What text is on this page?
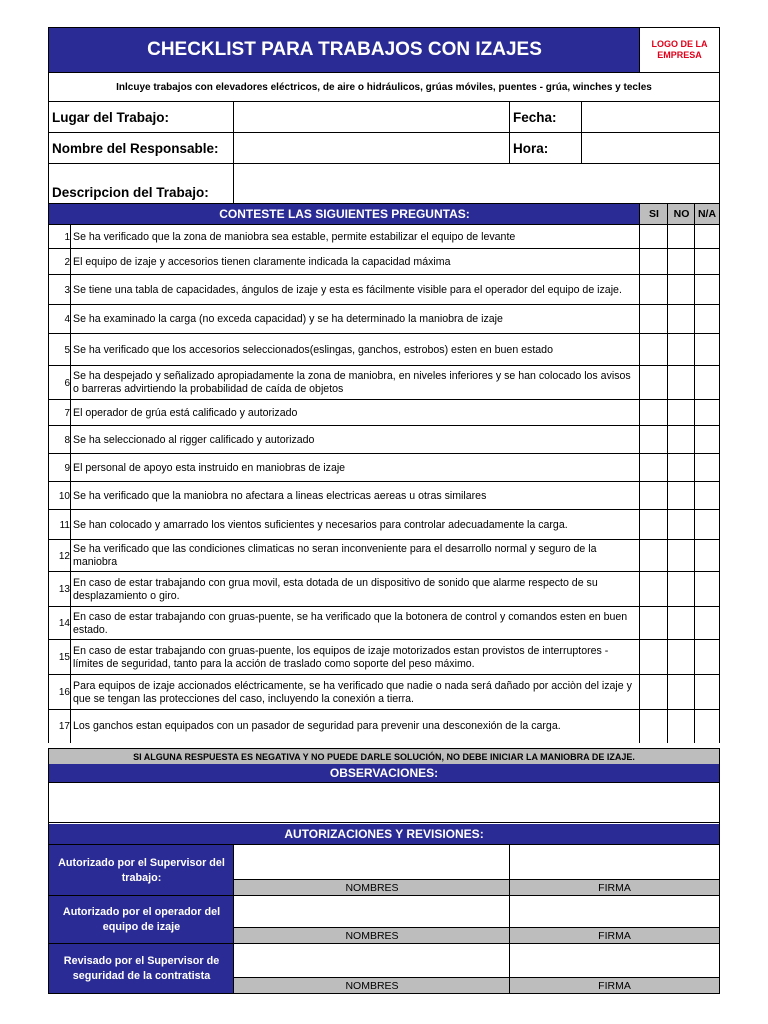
CHECKLIST PARA TRABAJOS CON IZAJES	LOGO DE LA EMPRESA
Inlcuye trabajos con elevadores eléctricos, de aire o hidráulicos, grúas móviles, puentes - grúa, winches y tecles
Lugar del Trabajo:	Fecha:
Nombre del Responsable:	Hora:
Descripcion del Trabajo:
CONTESTE LAS SIGUIENTES PREGUNTAS:	SI	NO N/A
1 Se ha verificado que la zona de maniobra sea estable, permite estabilizar el equipo de levante
2 El equipo de izaje y accesorios tienen claramente indicada la capacidad máxima
3 Se tiene una tabla de capacidades, ángulos de izaje y esta es fácilmente visible para el operador del equipo de izaje.
4 Se ha examinado la carga (no exceda capacidad) y se ha determinado la maniobra de izaje
5 Se ha verificado que los accesorios seleccionados(eslingas, ganchos, estrobos) esten en buen estado
6
Se ha despejado y señalizado apropiadamente la zona de maniobra, en niveles inferiores y se han colocado los avisos o barreras advirtiendo la probabilidad de caída de objetos
7 El operador de grúa está calificado y autorizado
8 Se ha seleccionado al rigger calificado y autorizado
9 El personal de apoyo esta instruido en maniobras de izaje
10 Se ha verificado que la maniobra no afectara a lineas electricas aereas u otras similares
11 Se han colocado y amarrado los vientos suficientes y necesarios para controlar adecuadamente la carga.
12
Se ha verificado que las condiciones climaticas no seran inconveniente para el desarrollo normal y seguro de la maniobra
13
En caso de estar trabajando con grua movil, esta dotada de un dispositivo de sonido que alarme respecto de su desplazamiento o giro.
14
En caso de estar trabajando con gruas-puente, se ha verificado que la botonera de control y comandos esten en buen estado.
15
En caso de estar trabajando con gruas-puente, los equipos de izaje motorizados estan provistos de interruptores - límites de seguridad, tanto para la acción de traslado como soporte del peso máximo.
16
Para equipos de izaje accionados eléctricamente, se ha verificado que nadie o nada será dañado por acciòn del izaje y que se tengan las protecciones del caso, incluyendo la conexión a tierra.
17 Los ganchos estan equipados con un pasador de seguridad para prevenir una desconexión de la carga.
SI ALGUNA RESPUESTA ES NEGATIVA Y NO PUEDE DARLE SOLUCIÓN, NO DEBE INICIAR LA MANIOBRA DE IZAJE.
OBSERVACIONES:
AUTORIZACIONES Y REVISIONES:
Autorizado por el Supervisor del trabajo:
NOMBRES	FIRMA
Autorizado por el operador del equipo de izaje
NOMBRES	FIRMA
Revisado por el Supervisor de seguridad de la contratista
NOMBRES	FIRMA
